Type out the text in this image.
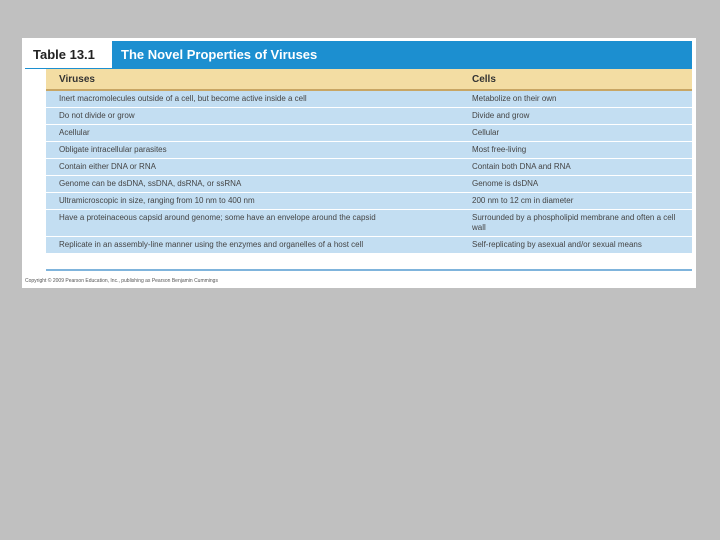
Table 13.1	The Novel Properties of Viruses
Viruses	Cells
Inert macromolecules outside of a cell, but become active inside a cell	Metabolize on their own
Do not divide or grow	Divide and grow
Acellular	Cellular
Obligate intracellular parasites	Most free-living
Contain either DNA or RNA	Contain both DNA and RNA
Genome can be dsDNA, ssDNA, dsRNA, or ssRNA	Genome is dsDNA
Ultramicroscopic in size, ranging from 10 nm to 400 nm	200 nm to 12 cm in diameter
Have a proteinaceous capsid around genome; some have an envelope around the capsid	Surrounded by a phospholipid membrane and often a cell wall
Replicate in an assembly-line manner using the enzymes and organelles of a host cell	Self-replicating by asexual and/or sexual means
Copyright © 2009 Pearson Education, Inc., publishing as Pearson Benjamin Cummings
